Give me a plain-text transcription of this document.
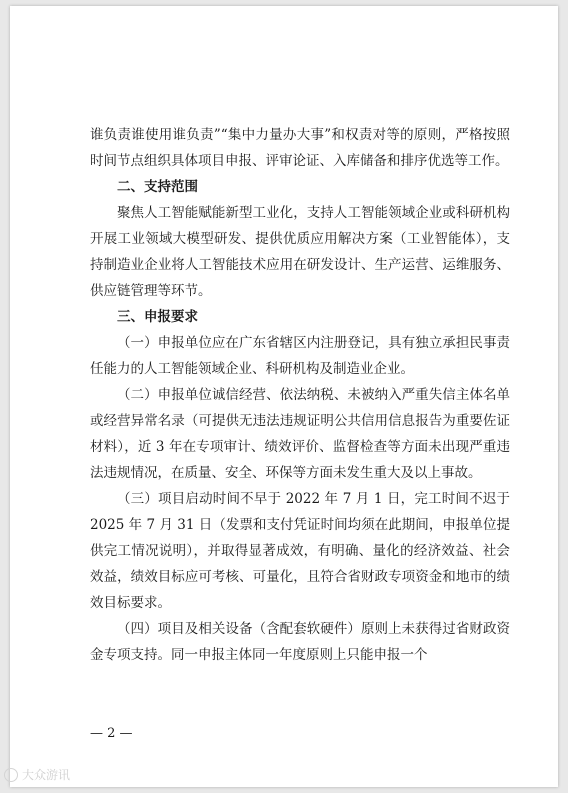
谁负责谁使用谁负责”“集中力量办大事”和权责对等的原则，严格按照时间节点组织具体项目申报、评审论证、入库储备和排序优选等工作。

二、支持范围

聚焦人工智能赋能新型工业化，支持人工智能领域企业或科研机构开展工业领域大模型研发、提供优质应用解决方案（工业智能体），支持制造业企业将人工智能技术应用在研发设计、生产运营、运维服务、供应链管理等环节。

三、申报要求

（一）申报单位应在广东省辖区内注册登记，具有独立承担民事责任能力的人工智能领域企业、科研机构及制造业企业。

（二）申报单位诚信经营、依法纳税、未被纳入严重失信主体名单或经营异常名录（可提供无违法违规证明公共信用信息报告为重要佐证材料），近 3 年在专项审计、绩效评价、监督检查等方面未出现严重违法违规情况，在质量、安全、环保等方面未发生重大及以上事故。

（三）项目启动时间不早于 2022 年 7 月 1 日，完工时间不迟于 2025 年 7 月 31 日（发票和支付凭证时间均须在此期间，申报单位提供完工情况说明），并取得显著成效，有明确、量化的经济效益、社会效益，绩效目标应可考核、可量化，且符合省财政专项资金和地市的绩效目标要求。

（四）项目及相关设备（含配套软硬件）原则上未获得过省财政资金专项支持。同一申报主体同一年度原则上只能申报一个

— 2 —
大众游讯
